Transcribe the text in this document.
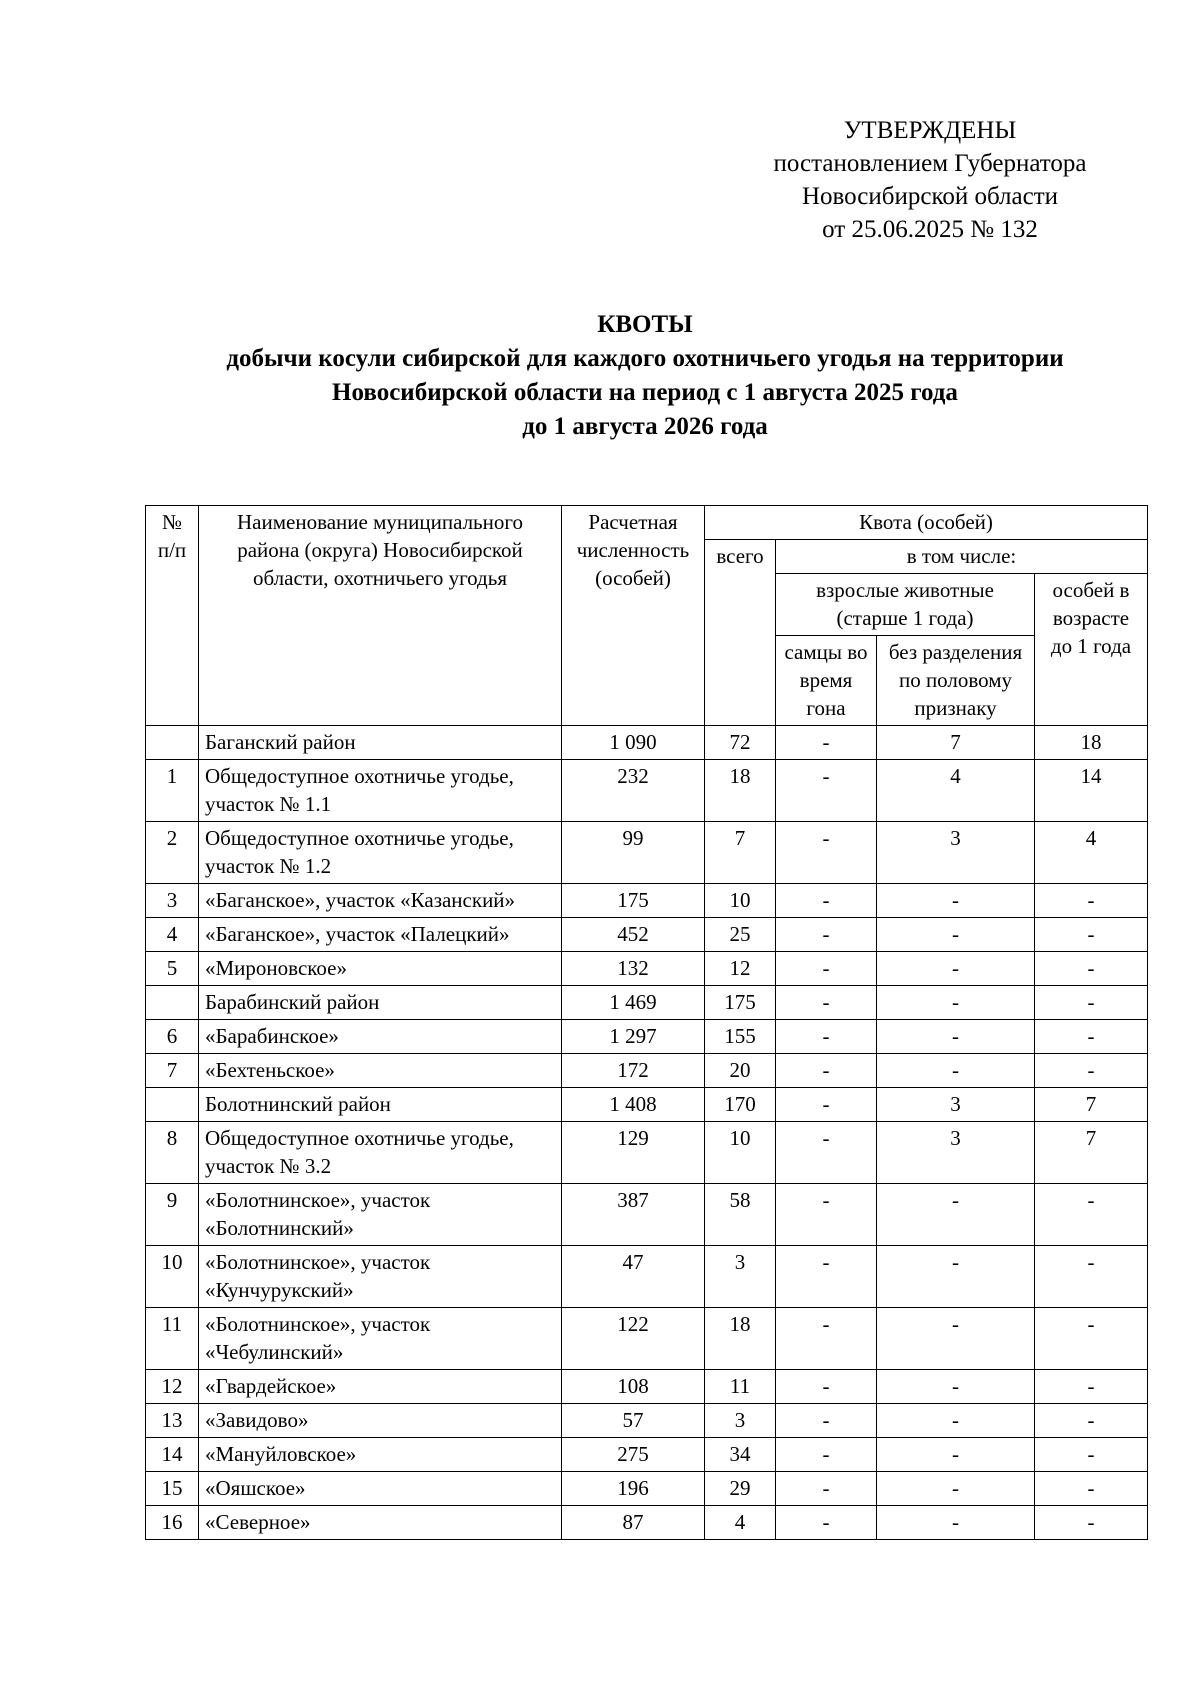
УТВЕРЖДЕНЫ
постановлением Губернатора
Новосибирской области
от 25.06.2025 № 132
КВОТЫ
добычи косули сибирской для каждого охотничьего угодья на территории
Новосибирской области на период с 1 августа 2025 года
до 1 августа 2026 года
№ п/п	Наименование муниципального района (округа) Новосибирской области, охотничьего угодья	Расчетная численность (особей)	Квота (особей)			
			всего	в том числе:		
				взрослые животные (старше 1 года)		особей в возрасте до 1 года
				самцы во время гона	без разделения по половому признаку	
	Баганский район	1 090	72	-	7	18
1	Общедоступное охотничье угодье, участок № 1.1	232	18	-	4	14
2	Общедоступное охотничье угодье, участок № 1.2	99	7	-	3	4
3	«Баганское», участок «Казанский»	175	10	-	-	-
4	«Баганское», участок «Палецкий»	452	25	-	-	-
5	«Мироновское»	132	12	-	-	-
	Барабинский район	1 469	175	-	-	-
6	«Барабинское»	1 297	155	-	-	-
7	«Бехтеньское»	172	20	-	-	-
	Болотнинский район	1 408	170	-	3	7
8	Общедоступное охотничье угодье, участок № 3.2	129	10	-	3	7
9	«Болотнинское», участок «Болотнинский»	387	58	-	-	-
10	«Болотнинское», участок «Кунчурукский»	47	3	-	-	-
11	«Болотнинское», участок «Чебулинский»	122	18	-	-	-
12	«Гвардейское»	108	11	-	-	-
13	«Завидово»	57	3	-	-	-
14	«Мануйловское»	275	34	-	-	-
15	«Ояшское»	196	29	-	-	-
16	«Северное»	87	4	-	-	-
